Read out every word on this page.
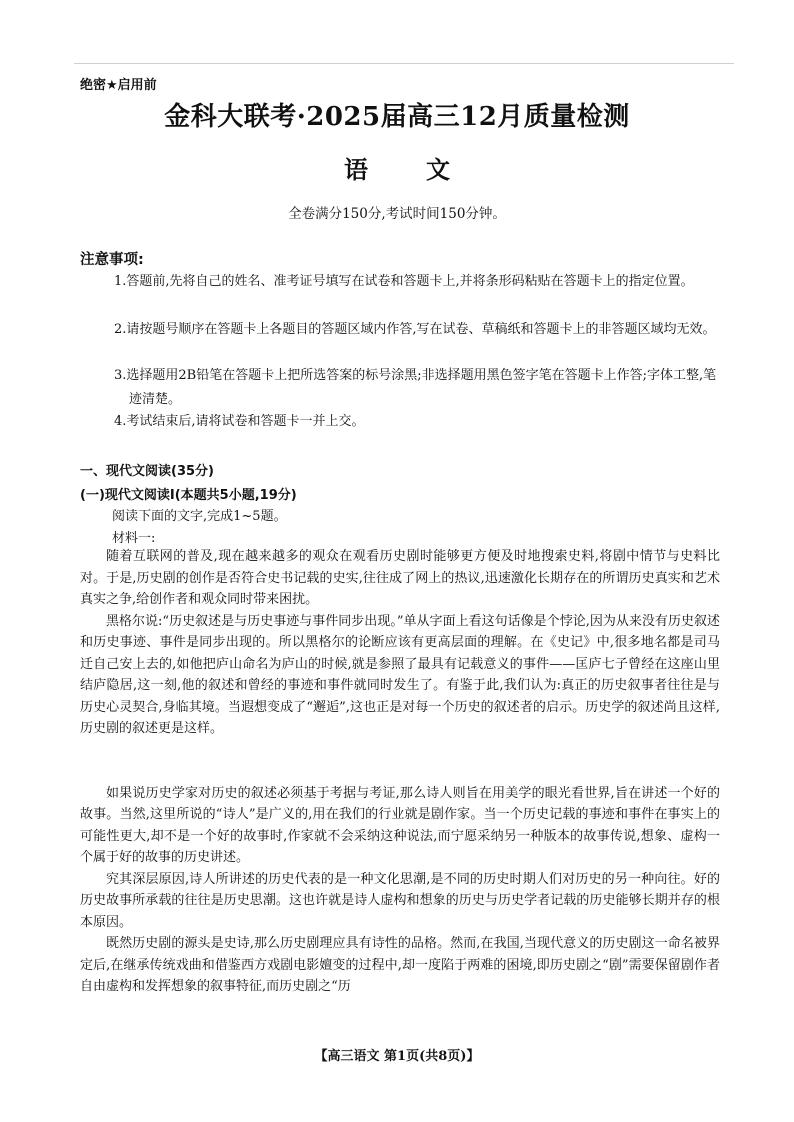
绝密★启用前
金科大联考·2025届高三12月质量检测
语 文
全卷满分150分,考试时间150分钟。
注意事项:
1.答题前,先将自己的姓名、准考证号填写在试卷和答题卡上,并将条形码粘贴在答题卡上的指定位置。
2.请按题号顺序在答题卡上各题目的答题区域内作答,写在试卷、草稿纸和答题卡上的非答题区域均无效。
3.选择题用2B铅笔在答题卡上把所选答案的标号涂黑;非选择题用黑色签字笔在答题卡上作答;字体工整,笔迹清楚。
4.考试结束后,请将试卷和答题卡一并上交。
一、现代文阅读(35分)
(一)现代文阅读Ⅰ(本题共5小题,19分)
阅读下面的文字,完成1~5题。
材料一:

随着互联网的普及,现在越来越多的观众在观看历史剧时能够更方便及时地搜索史料,将剧中情节与史料比对。于是,历史剧的创作是否符合史书记载的史实,往往成了网上的热议,迅速激化长期存在的所谓历史真实和艺术真实之争,给创作者和观众同时带来困扰。

黑格尔说:“历史叙述是与历史事迹与事件同步出现。”单从字面上看这句话像是个悖论,因为从来没有历史叙述和历史事迹、事件是同步出现的。所以黑格尔的论断应该有更高层面的理解。在《史记》中,很多地名都是司马迁自己安上去的,如他把庐山命名为庐山的时候,就是参照了最具有记载意义的事件——匡庐七子曾经在这座山里结庐隐居,这一刻,他的叙述和曾经的事迹和事件就同时发生了。有鉴于此,我们认为:真正的历史叙事者往往是与历史心灵契合,身临其境。当遐想变成了“邂逅”,这也正是对每一个历史的叙述者的启示。历史学的叙述尚且这样,历史剧的叙述更是这样。

如果说历史学家对历史的叙述必须基于考据与考证,那么诗人则旨在用美学的眼光看世界,旨在讲述一个好的故事。当然,这里所说的“诗人”是广义的,用在我们的行业就是剧作家。当一个历史记载的事迹和事件在事实上的可能性更大,却不是一个好的故事时,作家就不会采纳这种说法,而宁愿采纳另一种版本的故事传说,想象、虚构一个属于好的故事的历史讲述。

究其深层原因,诗人所讲述的历史代表的是一种文化思潮,是不同的历史时期人们对历史的另一种向往。好的历史故事所承载的往往是历史思潮。这也许就是诗人虚构和想象的历史与历史学者记载的历史能够长期并存的根本原因。

既然历史剧的源头是史诗,那么历史剧理应具有诗性的品格。然而,在我国,当现代意义的历史剧这一命名被界定后,在继承传统戏曲和借鉴西方戏剧电影嬗变的过程中,却一度陷于两难的困境,即历史剧之“剧”需要保留剧作者自由虚构和发挥想象的叙事特征,而历史剧之“历

【高三语文 第1页(共8页)】
